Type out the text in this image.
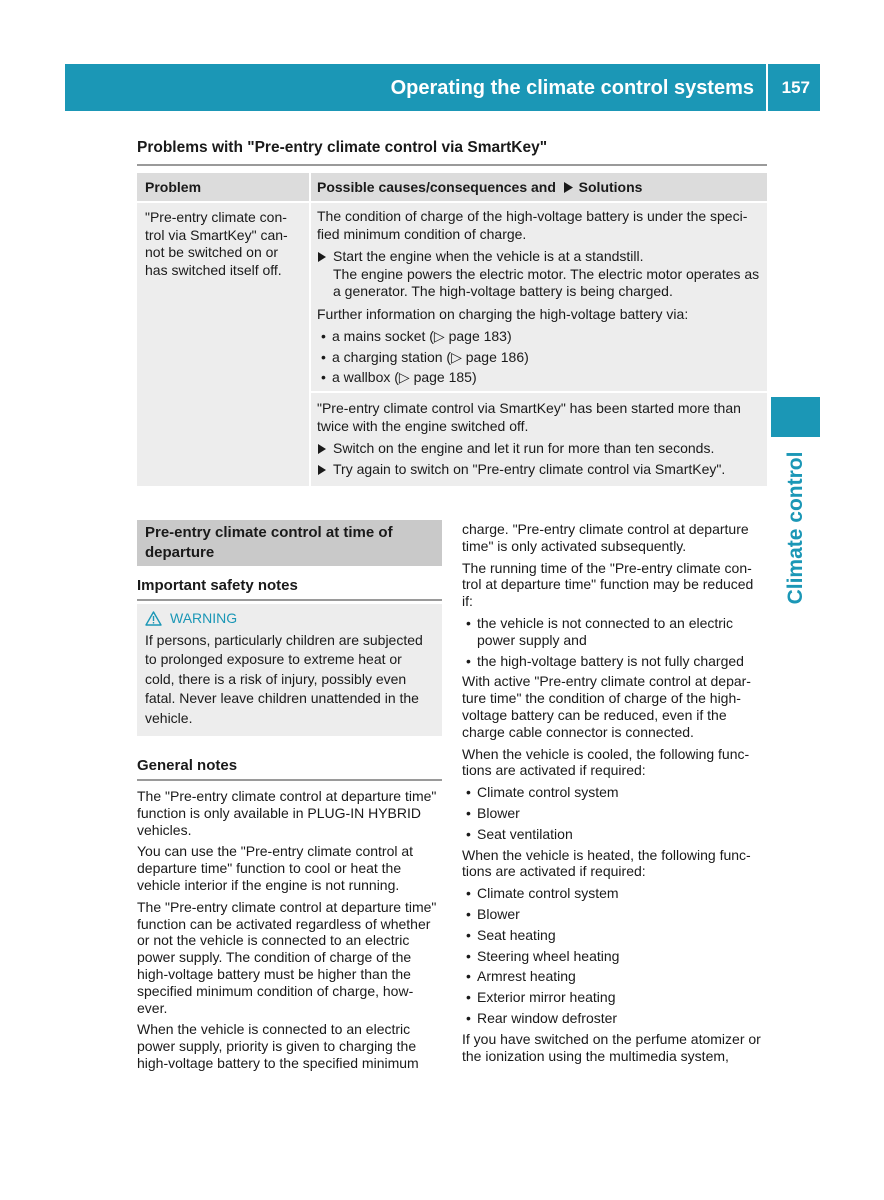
Operating the climate control systems 157
Climate control
Problems with "Pre-entry climate control via SmartKey"
Problem	Possible causes/consequences and Solutions

"Pre-entry climate con-trol via SmartKey" can-not be switched on or has switched itself off.

The condition of charge of the high-voltage battery is under the speci-fied minimum condition of charge.

Start the engine when the vehicle is at a standstill.
The engine powers the electric motor. The electric motor operates as a generator. The high-voltage battery is being charged.

Further information on charging the high-voltage battery via:

• a mains socket (▷ page 183)
• a charging station (▷ page 186)
• a wallbox (▷ page 185)

"Pre-entry climate control via SmartKey" has been started more than twice with the engine switched off.

Switch on the engine and let it run for more than ten seconds.
Try again to switch on "Pre-entry climate control via SmartKey".
Pre-entry climate control at time of departure
Important safety notes
WARNING
If persons, particularly children are subjected to prolonged exposure to extreme heat or cold, there is a risk of injury, possibly even fatal. Never leave children unattended in the vehicle.
General notes

The "Pre-entry climate control at departure time" function is only available in PLUG-IN HYBRID vehicles.

You can use the "Pre-entry climate control at departure time" function to cool or heat the vehicle interior if the engine is not running.

The "Pre-entry climate control at departure time" function can be activated regardless of whether or not the vehicle is connected to an electric power supply. The condition of charge of the high-voltage battery must be higher than the specified minimum condition of charge, how-ever.

When the vehicle is connected to an electric power supply, priority is given to charging the high-voltage battery to the specified minimum

charge. "Pre-entry climate control at departure time" is only activated subsequently.

The running time of the "Pre-entry climate con-trol at departure time" function may be reduced if:

• the vehicle is not connected to an electric power supply and
• the high-voltage battery is not fully charged

With active "Pre-entry climate control at depar-ture time" the condition of charge of the high-voltage battery can be reduced, even if the charge cable connector is connected.

When the vehicle is cooled, the following func-tions are activated if required:

• Climate control system
• Blower
• Seat ventilation

When the vehicle is heated, the following func-tions are activated if required:

• Climate control system
• Blower
• Seat heating
• Steering wheel heating
• Armrest heating
• Exterior mirror heating
• Rear window defroster

If you have switched on the perfume atomizer or the ionization using the multimedia system,
